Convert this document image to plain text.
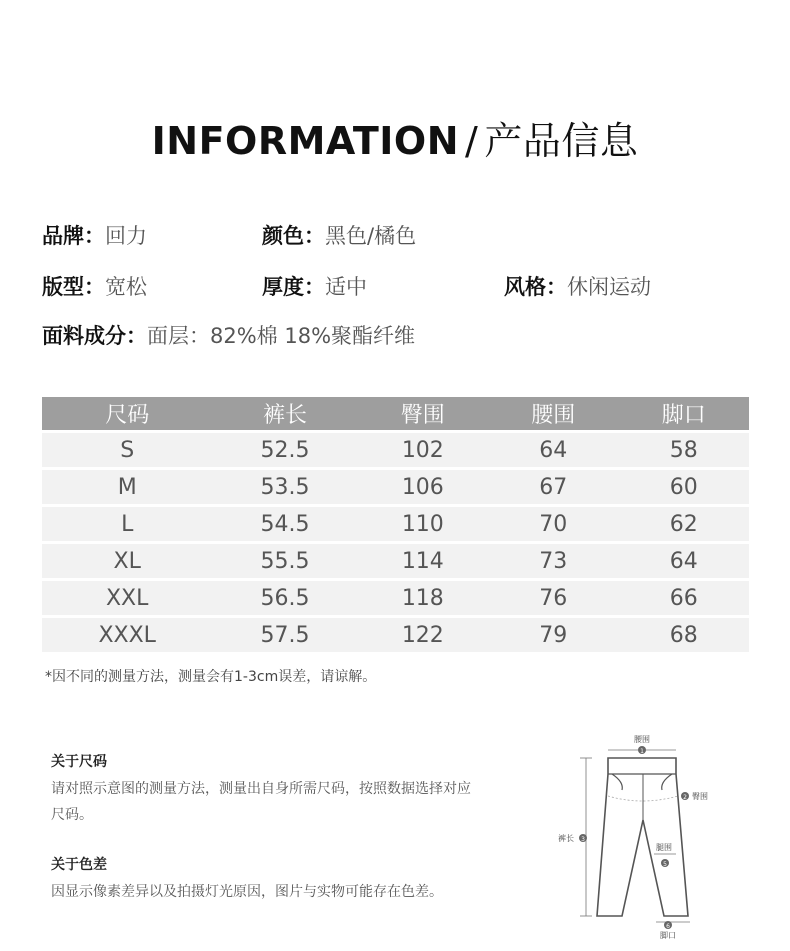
INFORMATION / 产品信息
品牌：回力	颜色：黑色/橘色
版型：宽松	厚度：适中	风格：休闲运动
面料成分：面层：82%棉 18%聚酯纤维
尺码	裤长	臀围	腰围	脚口
S	52.5	102	64	58
M	53.5	106	67	60
L	54.5	110	70	62
XL	55.5	114	73	64
XXL	56.5	118	76	66
XXXL	57.5	122	79	68
*因不同的测量方法，测量会有1-3cm误差，请谅解。
关于尺码
请对照示意图的测量方法，测量出自身所需尺码，按照数据选择对应尺码。
关于色差
因显示像素差异以及拍摄灯光原因，图片与实物可能存在色差。
腰围
1
2 臀围
裤长 3
腿围
5
6
脚口
